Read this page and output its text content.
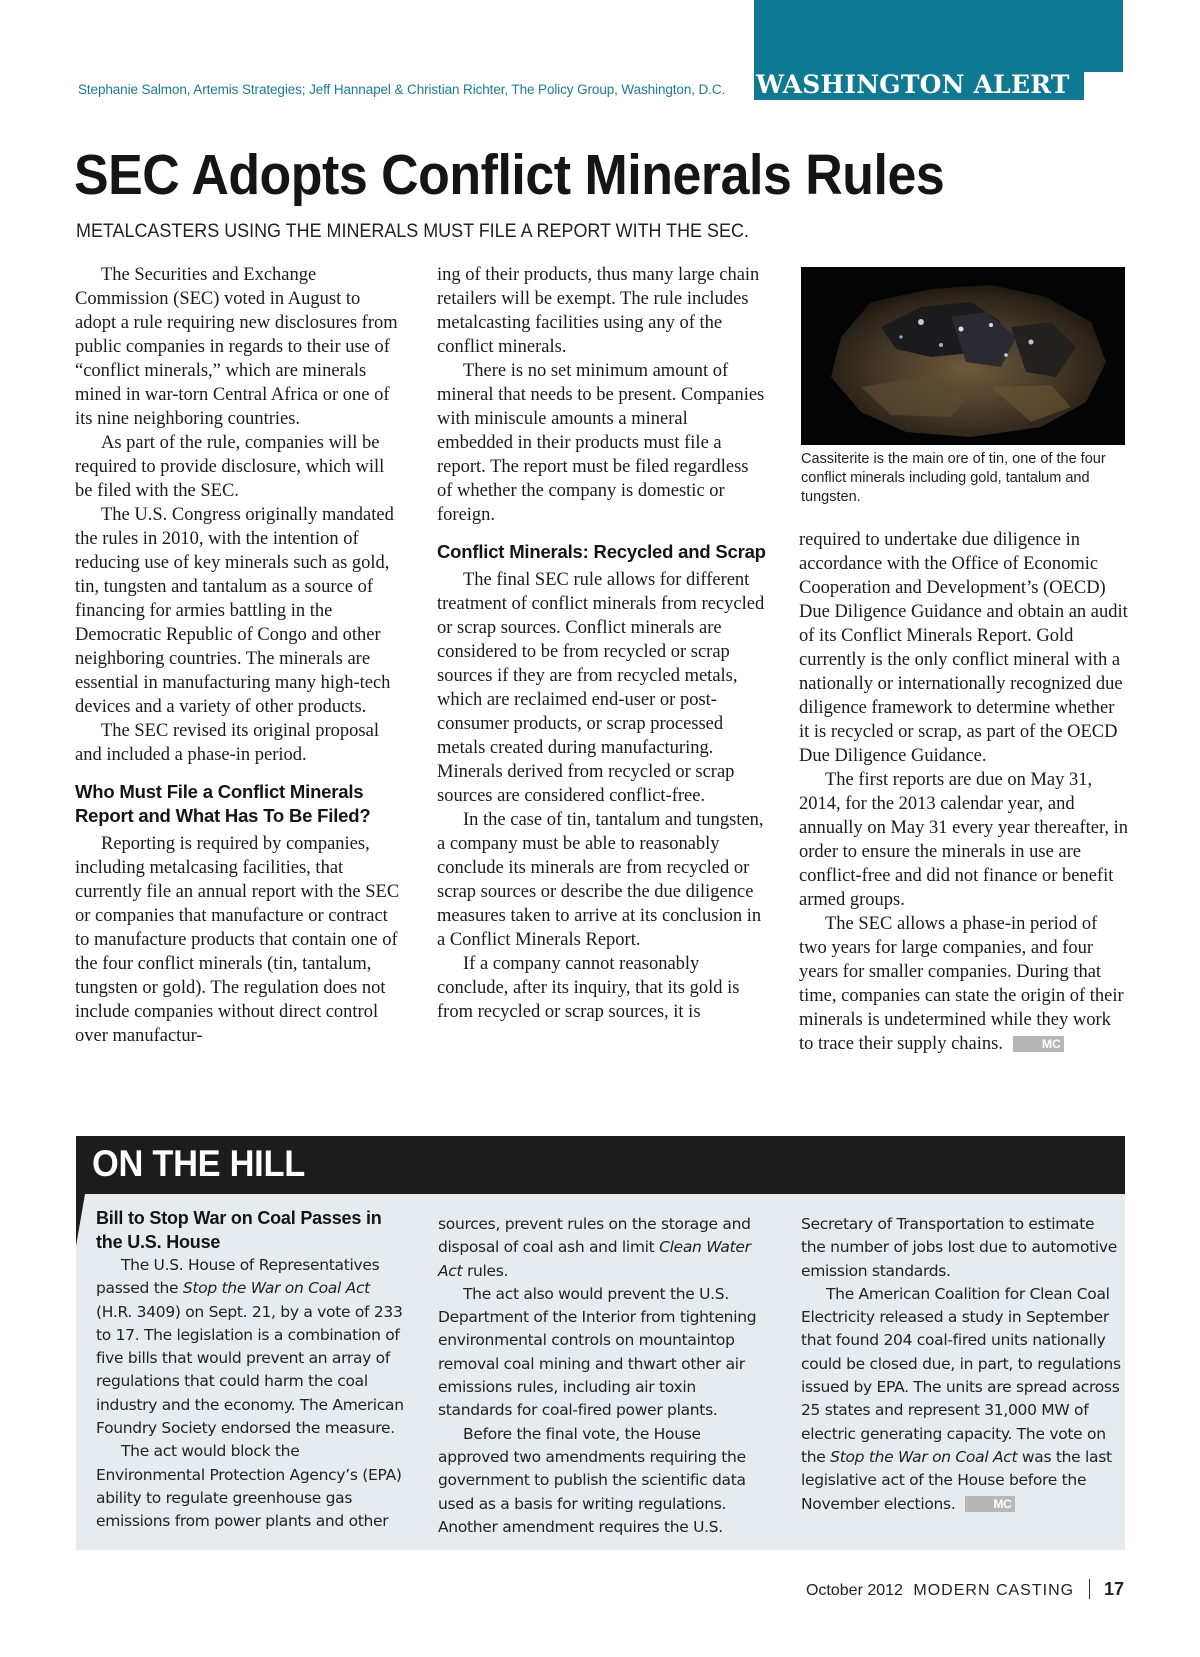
Stephanie Salmon, Artemis Strategies; Jeff Hannapel & Christian Richter, The Policy Group, Washington, D.C. WASHINGTON ALERT
SEC Adopts Conflict Minerals Rules
METALCASTERS USING THE MINERALS MUST FILE A REPORT WITH THE SEC.

The Securities and Exchange Commission (SEC) voted in August to adopt a rule requiring new disclosures from public companies in regards to their use of “conflict minerals,” which are minerals mined in war-torn Central Africa or one of its nine neighboring countries.

As part of the rule, companies will be required to provide disclosure, which will be filed with the SEC.

The U.S. Congress originally mandated the rules in 2010, with the intention of reducing use of key minerals such as gold, tin, tungsten and tantalum as a source of financing for armies battling in the Democratic Republic of Congo and other neighboring countries. The minerals are essential in manufacturing many high-tech devices and a variety of other products.

The SEC revised its original proposal and included a phase-in period.

Who Must File a Conflict Minerals Report and What Has To Be Filed?

Reporting is required by companies, including metalcasing facilities, that currently file an annual report with the SEC or companies that manufacture or contract to manufacture products that contain one of the four conflict minerals (tin, tantalum, tungsten or gold). The regulation does not include companies without direct control over manufactur-

ing of their products, thus many large chain retailers will be exempt. The rule includes metalcasting facilities using any of the conflict minerals.

There is no set minimum amount of mineral that needs to be present. Companies with miniscule amounts a mineral embedded in their products must file a report. The report must be filed regardless of whether the company is domestic or foreign.

Conflict Minerals: Recycled and Scrap

The final SEC rule allows for different treatment of conflict minerals from recycled or scrap sources. Conflict minerals are considered to be from recycled or scrap sources if they are from recycled metals, which are reclaimed end-user or post-consumer products, or scrap processed metals created during manufacturing. Minerals derived from recycled or scrap sources are considered conflict-free.

In the case of tin, tantalum and tungsten, a company must be able to reasonably conclude its minerals are from recycled or scrap sources or describe the due diligence measures taken to arrive at its conclusion in a Conflict Minerals Report.

If a company cannot reasonably conclude, after its inquiry, that its gold is from recycled or scrap sources, it is

Cassiterite is the main ore of tin, one of the four conflict minerals including gold, tantalum and tungsten.

required to undertake due diligence in accordance with the Office of Economic Cooperation and Development’s (OECD) Due Diligence Guidance and obtain an audit of its Conflict Minerals Report. Gold currently is the only conflict mineral with a nationally or internationally recognized due diligence framework to determine whether it is recycled or scrap, as part of the OECD Due Diligence Guidance.

The first reports are due on May 31, 2014, for the 2013 calendar year, and annually on May 31 every year thereafter, in order to ensure the minerals in use are conflict-free and did not finance or benefit armed groups.

The SEC allows a phase-in period of two years for large companies, and four years for smaller companies. During that time, companies can state the origin of their minerals is undetermined while they work to trace their supply chains.	MC

ON THE HILL
Bill to Stop War on Coal Passes in the U.S. House

The U.S. House of Representatives passed the Stop the War on Coal Act (H.R. 3409) on Sept. 21, by a vote of 233 to 17. The legislation is a combination of five bills that would prevent an array of regulations that could harm the coal industry and the economy. The American Foundry Society endorsed the measure.

The act would block the Environmental Protection Agency’s (EPA) ability to regulate greenhouse gas emissions from power plants and other

sources, prevent rules on the storage and disposal of coal ash and limit Clean Water Act rules.

The act also would prevent the U.S. Department of the Interior from tightening environmental controls on mountaintop removal coal mining and thwart other air emissions rules, including air toxin standards for coal-fired power plants.

Before the final vote, the House approved two amendments requiring the government to publish the scientific data used as a basis for writing regulations. Another amendment requires the U.S.

Secretary of Transportation to estimate the number of jobs lost due to automotive emission standards.

The American Coalition for Clean Coal Electricity released a study in September that found 204 coal-fired units nationally could be closed due, in part, to regulations issued by EPA. The units are spread across 25 states and represent 31,000 MW of electric generating capacity. The vote on the Stop the War on Coal Act was the last legislative act of the House before the November elections.	MC

October 2012 MODERN CASTING 17
